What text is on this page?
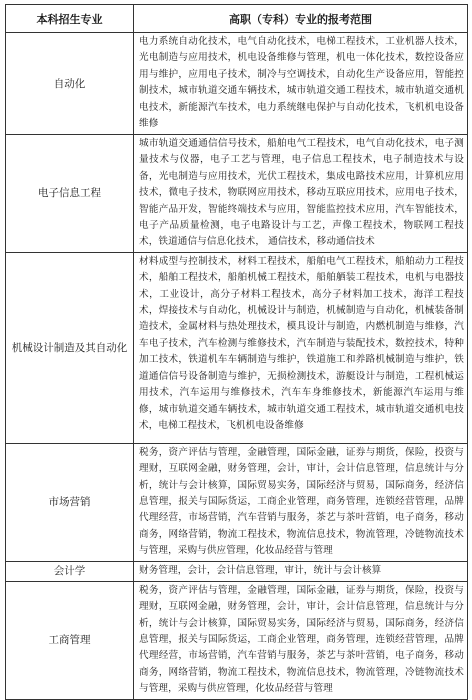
本科招生专业	高职（专科）专业的报考范围
自动化	电力系统自动化技术，电气自动化技术，电梯工程技术，工业机器人技术，光电制造与应用技术，机电设备维修与管理，机电一体化技术，数控设备应用与维护，应用电子技术，制冷与空调技术，自动化生产设备应用，智能控制技术，城市轨道交通车辆技术，城市轨道交通工程技术，城市轨道交通机电技术，新能源汽车技术，电力系统继电保护与自动化技术，飞机机电设备维修
电子信息工程	城市轨道交通通信信号技术，船舶电气工程技术，电气自动化技术，电子测量技术与仪器，电子工艺与管理，电子信息工程技术，电子制造技术与设备，光电制造与应用技术，光伏工程技术，集成电路技术应用，计算机应用技术，微电子技术，物联网应用技术，移动互联应用技术，应用电子技术，智能产品开发，智能终端技术与应用，智能监控技术应用，汽车智能技术，电子产品质量检测，电子电路设计与工艺，声像工程技术，物联网工程技术，铁道通信与信息化技术， 通信技术，移动通信技术
机械设计制造及其自动化	材料成型与控制技术，材料工程技术，船舶电气工程技术，船舶动力工程技术，船舶工程技术，船舶机械工程技术，船舶舾装工程技术，电机与电器技术，工业设计，高分子材料工程技术，高分子材料加工技术，海洋工程技术，焊接技术与自动化，机械设计与制造，机械制造与自动化，机械装备制造技术，金属材料与热处理技术，模具设计与制造，内燃机制造与维修，汽车电子技术，汽车检测与维修技术，汽车制造与装配技术，数控技术，特种加工技术，铁道机车车辆制造与维护，铁道施工和养路机械制造与维护，铁道通信信号设备制造与维护，无损检测技术，游艇设计与制造，工程机械运用技术，汽车运用与维修技术，汽车车身维修技术，新能源汽车运用与维修，城市轨道交通车辆技术，城市轨道交通工程技术，城市轨道交通机电技术，电梯工程技术，飞机机电设备维修
市场营销	税务，资产评估与管理，金融管理，国际金融，证券与期货，保险，投资与理财，互联网金融，财务管理，会计，审计，会计信息管理，信息统计与分析，统计与会计核算，国际贸易实务，国际经济与贸易，国际商务，经济信息管理，报关与国际货运，工商企业管理，商务管理，连锁经营管理，品牌代理经营，市场营销，汽车营销与服务，茶艺与茶叶营销，电子商务，移动商务，网络营销，物流工程技术，物流信息技术，物流管理，冷链物流技术与管理，采购与供应管理，化妆品经营与管理
会计学	财务管理，会计，会计信息管理，审计，统计与会计核算
工商管理	税务，资产评估与管理，金融管理，国际金融，证券与期货，保险，投资与理财，互联网金融，财务管理，会计，审计，会计信息管理，信息统计与分析，统计与会计核算，国际贸易实务，国际经济与贸易，国际商务，经济信息管理，报关与国际货运，工商企业管理，商务管理，连锁经营管理，品牌代理经营，市场营销，汽车营销与服务，茶艺与茶叶营销，电子商务，移动商务，网络营销，物流工程技术，物流信息技术，物流管理，冷链物流技术与管理，采购与供应管理，化妆品经营与管理
